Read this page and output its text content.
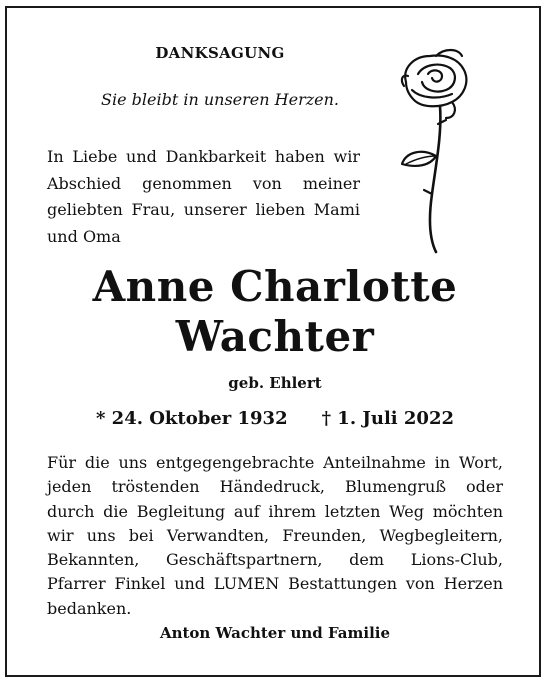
DANKSAGUNG
Sie bleibt in unseren Herzen.
In Liebe und Dankbarkeit haben wir
Abschied genommen von meiner
geliebten Frau, unserer lieben Mami
und Oma
Anne Charlotte
Wachter
geb. Ehlert
* 24. Oktober 1932 † 1. Juli 2022
Für die uns entgegengebrachte Anteilnahme in Wort,
jeden tröstenden Händedruck, Blumengruß oder
durch die Begleitung auf ihrem letzten Weg möchten
wir uns bei Verwandten, Freunden, Wegbegleitern,
Bekannten, Geschäftspartnern, dem Lions-Club,
Pfarrer Finkel und LUMEN Bestattungen von Herzen
bedanken.
Anton Wachter und Familie
